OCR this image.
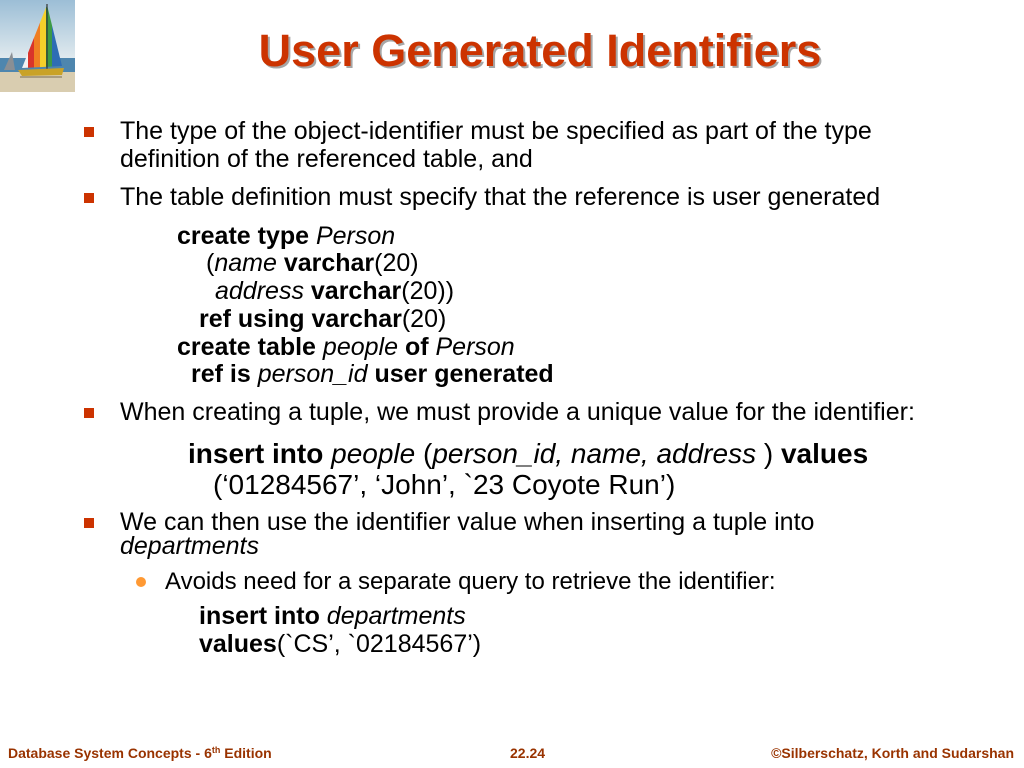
User Generated Identifiers
The type of the object-identifier must be specified as part of the type
definition of the referenced table, and
The table definition must specify that the reference is user generated
create type Person
(name varchar(20)
address varchar(20))
ref using varchar(20)
create table people of Person
ref is person_id user generated
When creating a tuple, we must provide a unique value for the identifier:
insert into people (person_id, name, address ) values
(‘01284567’, ‘John’, `23 Coyote Run’)
We can then use the identifier value when inserting a tuple into
departments
Avoids need for a separate query to retrieve the identifier:
insert into departments
values(`CS’, `02184567’)
Database System Concepts - 6th Edition	22.24	©Silberschatz, Korth and Sudarshan
